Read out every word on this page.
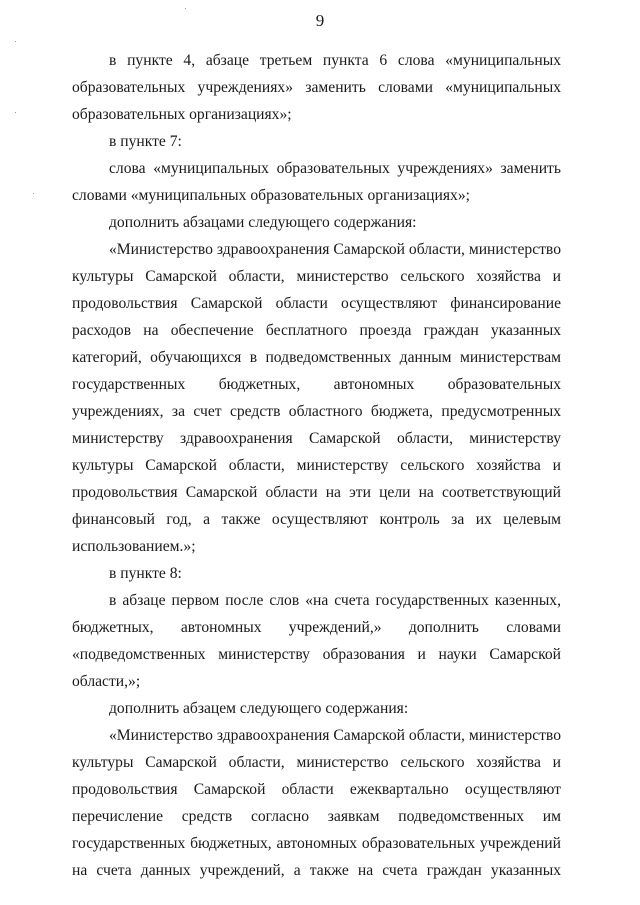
9

в пункте 4, абзаце третьем пункта 6 слова «муниципальных образовательных учреждениях» заменить словами «муниципальных образовательных организациях»;

в пункте 7:

слова «муниципальных образовательных учреждениях» заменить словами «муниципальных образовательных организациях»;

дополнить абзацами следующего содержания:

«Министерство здравоохранения Самарской области, министерство культуры Самарской области, министерство сельского хозяйства и продовольствия Самарской области осуществляют финансирование расходов на обеспечение бесплатного проезда граждан указанных категорий, обучающихся в подведомственных данным министерствам государственных бюджетных, автономных образовательных учреждениях, за счет средств областного бюджета, предусмотренных министерству здравоохранения Самарской области, министерству культуры Самарской области, министерству сельского хозяйства и продовольствия Самарской области на эти цели на соответствующий финансовый год, а также осуществляют контроль за их целевым использованием.»;

в пункте 8:

в абзаце первом после слов «на счета государственных казенных, бюджетных, автономных учреждений,» дополнить словами «подведомственных министерству образования и науки Самарской области,»;

дополнить абзацем следующего содержания:

«Министерство здравоохранения Самарской области, министерство культуры Самарской области, министерство сельского хозяйства и продовольствия Самарской области ежеквартально осуществляют перечисление средств согласно заявкам подведомственных им государственных бюджетных, автономных образовательных учреждений на счета данных учреждений, а также на счета граждан указанных
